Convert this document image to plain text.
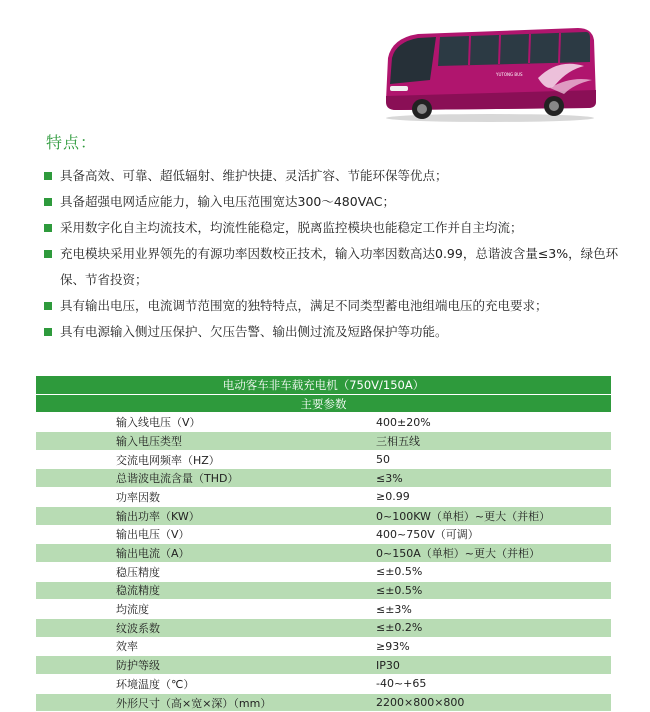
YUTONG BUS
特点：
具备高效、可靠、超低辐射、维护快捷、灵活扩容、节能环保等优点；
具备超强电网适应能力，输入电压范围宽达300～480VAC；
采用数字化自主均流技术，均流性能稳定，脱离监控模块也能稳定工作并自主均流；
充电模块采用业界领先的有源功率因数校正技术，输入功率因数高达0.99，总谐波含量≤3%，绿色环保、节省投资；
具有输出电压，电流调节范围宽的独特特点，满足不同类型蓄电池组端电压的充电要求；
具有电源输入侧过压保护、欠压告警、输出侧过流及短路保护等功能。
电动客车非车载充电机（750V/150A）	
主要参数	
输入线电压（V）	400±20%
输入电压类型	三相五线
交流电网频率（HZ）	50
总谐波电流含量（THD）	≤3%
功率因数	≥0.99
输出功率（KW）	0~100KW（单柜）~更大（并柜）
输出电压（V）	400~750V（可调）
输出电流（A）	0~150A（单柜）~更大（并柜）
稳压精度	≤±0.5%
稳流精度	≤±0.5%
均流度	≤±3%
纹波系数	≤±0.2%
效率	≥93%
防护等级	IP30
环境温度（℃）	-40~+65
外形尺寸（高×宽×深）（mm）	2200×800×800
